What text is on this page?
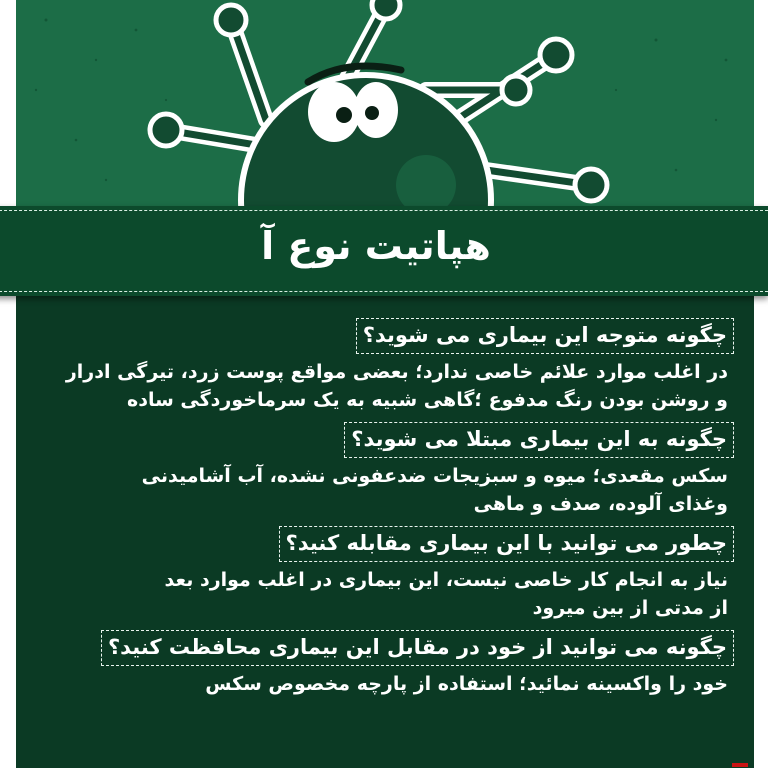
چگونه متوجه این بیماری می شوید؟
در اغلب موارد علائم خاصی ندارد؛ بعضی مواقع پوست زرد، تیرگی ادرار
و روشن بودن رنگ مدفوع ؛گاهی شبیه به یک سرماخوردگی ساده
چگونه به این بیماری مبتلا می شوید؟
سکس مقعدی؛ میوه و سبزیجات ضدعفونی نشده، آب آشامیدنی
وغذای آلوده، صدف و ماهی
چطور می توانید با این بیماری مقابله کنید؟
نیاز به انجام کار خاصی نیست، این بیماری در اغلب موارد بعد
از مدتی از بین میرود
چگونه می توانید از خود در مقابل این بیماری محافظت کنید؟
خود را واکسینه نمائید؛ استفاده از پارچه مخصوص سکس
هپاتیت نوع آ
